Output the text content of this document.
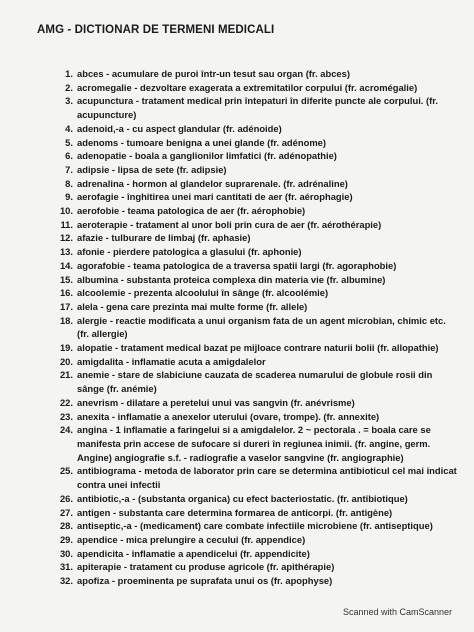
AMG - DICTIONAR DE TERMENI MEDICALI
1. abces - acumulare de puroi într-un tesut sau organ (fr. abces)
2. acromegalie - dezvoltare exagerata a extremitatilor corpului (fr. acromégalie)
3. acupunctura - tratament medical prin întepaturi în diferite puncte ale corpului. (fr. acupuncture)
4. adenoid,-a - cu aspect glandular (fr. adénoide)
5. adenoms - tumoare benigna a unei glande (fr. adénome)
6. adenopatie - boala a ganglionilor limfatici (fr. adénopathie)
7. adipsie - lipsa de sete (fr. adipsie)
8. adrenalina - hormon al glandelor suprarenale. (fr. adrénaline)
9. aerofagie - înghitirea unei mari cantitati de aer (fr. aérophagie)
10. aerofobie - teama patologica de aer (fr. aérophobie)
11. aeroterapie - tratament al unor boli prin cura de aer (fr. aérothérapie)
12. afazie - tulburare de limbaj (fr. aphasie)
13. afonie - pierdere patologica a glasului (fr. aphonie)
14. agorafobie - teama patologica de a traversa spatii largi (fr. agoraphobie)
15. albumina - substanta proteica complexa din materia vie (fr. albumine)
16. alcoolemie - prezenta alcoolului în sânge (fr. alcoolémie)
17. alela - gena care prezinta mai multe forme (fr. allele)
18. alergie - reactie modificata a unui organism fata de un agent microbian, chimic etc. (fr. allergie)
19. alopatie - tratament medical bazat pe mijloace contrare naturii bolii (fr. allopathie)
20. amigdalita - inflamatie acuta a amigdalelor
21. anemie - stare de slabiciune cauzata de scaderea numarului de globule rosii din sânge (fr. anémie)
22. anevrism - dilatare a peretelui unui vas sangvin (fr. anévrisme)
23. anexita - inflamatie a anexelor uterului (ovare, trompe). (fr. annexite)
24. angina - 1 inflamatie a faringelui si a amigdalelor. 2 ~ pectorala . = boala care se manifesta prin accese de sufocare si dureri în regiunea inimii. (fr. angine, germ. Angine) angiografie s.f. - radiografie a vaselor sangvine (fr. angiographie)
25. antibiograma - metoda de laborator prin care se determina antibioticul cel mai indicat contra unei infectii
26. antibiotic,-a - (substanta organica) cu efect bacteriostatic. (fr. antibiotique)
27. antigen - substanta care determina formarea de anticorpi. (fr. antigène)
28. antiseptic,-a - (medicament) care combate infectiile microbiene (fr. antiseptique)
29. apendice - mica prelungire a cecului (fr. appendice)
30. apendicita - inflamatie a apendicelui (fr. appendicite)
31. apiterapie - tratament cu produse agricole (fr. apithérapie)
32. apofiza - proeminenta pe suprafata unui os (fr. apophyse)
Scanned with CamScanner
